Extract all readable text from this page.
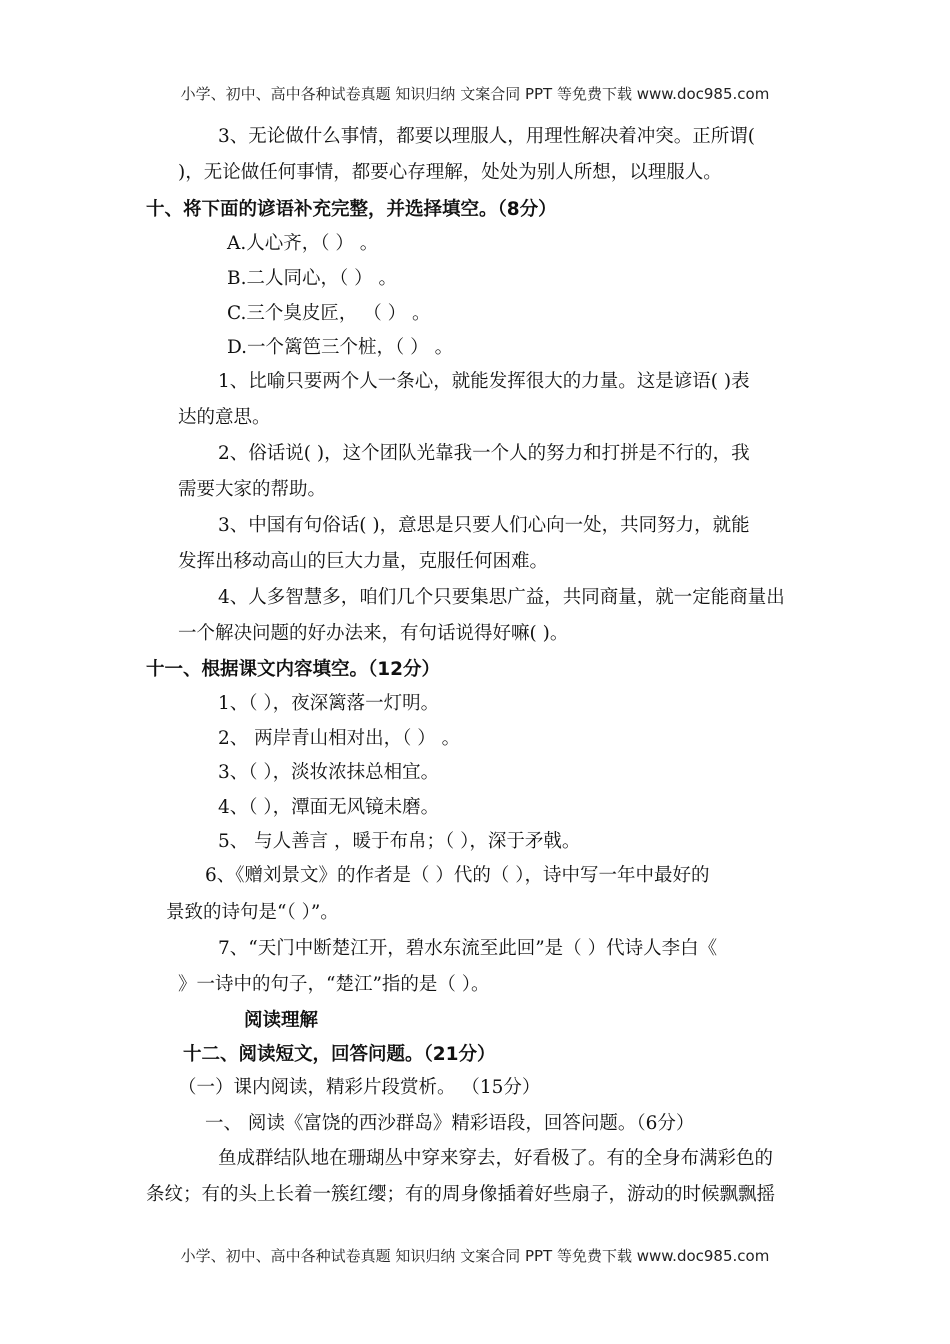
小学、初中、高中各种试卷真题 知识归纳 文案合同 PPT 等免费下载 www.doc985.com
3、无论做什么事情，都要以理服人，用理性解决着冲突。正所谓(
)，无论做任何事情，都要心存理解，处处为别人所想，以理服人。
十、将下面的谚语补充完整，并选择填空。（8分）
A.人心齐，（ ） 。
B.二人同心，（ ） 。
C.三个臭皮匠， （ ） 。
D.一个篱笆三个桩，（ ） 。
1、比喻只要两个人一条心，就能发挥很大的力量。这是谚语( )表
达的意思。
2、俗话说( )，这个团队光靠我一个人的努力和打拼是不行的，我
需要大家的帮助。
3、中国有句俗话( )，意思是只要人们心向一处，共同努力，就能
发挥出移动高山的巨大力量，克服任何困难。
4、人多智慧多，咱们几个只要集思广益，共同商量，就一定能商量出
一个解决问题的好办法来，有句话说得好嘛( )。
十一、根据课文内容填空。（12分）
1、（ ），夜深篱落一灯明。
2、 两岸青山相对出，（ ） 。
3、（ ），淡妆浓抹总相宜。
4、（ ），潭面无风镜未磨。
5、 与人善言 ，暖于布帛；（ ），深于矛戟。
6、《赠刘景文》的作者是（ ）代的（ ），诗中写一年中最好的
景致的诗句是“（ ）”。
7、“天门中断楚江开，碧水东流至此回”是（ ）代诗人李白《
》一诗中的句子，“楚江”指的是（ ）。
阅读理解
十二、阅读短文，回答问题。（21分）
（一）课内阅读，精彩片段赏析。 （15分）
一、 阅读《富饶的西沙群岛》精彩语段，回答问题。（6分）
鱼成群结队地在珊瑚丛中穿来穿去，好看极了。有的全身布满彩色的
条纹；有的头上长着一簇红缨；有的周身像插着好些扇子，游动的时候飘飘摇
小学、初中、高中各种试卷真题 知识归纳 文案合同 PPT 等免费下载 www.doc985.com
